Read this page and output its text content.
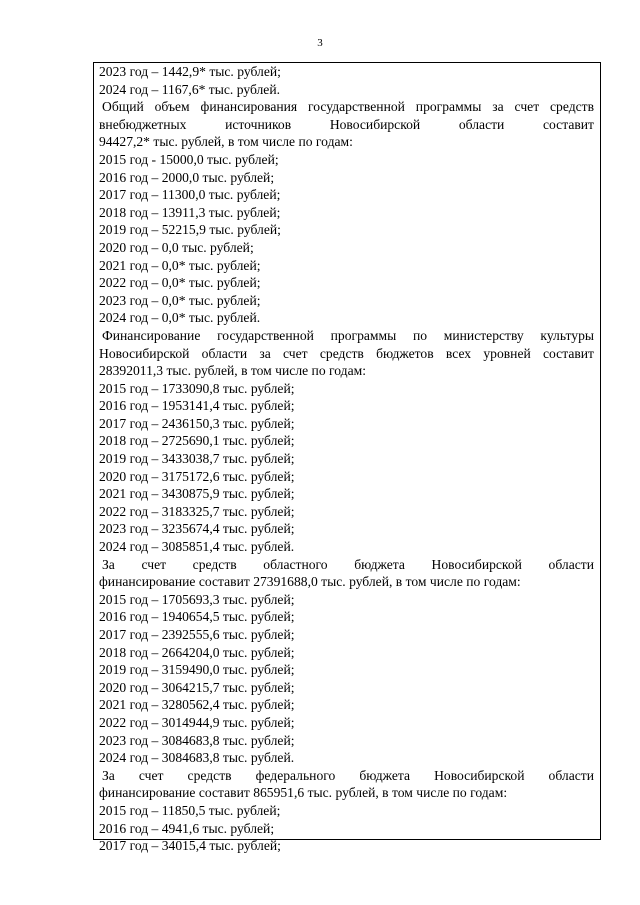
3
2023 год – 1442,9* тыс. рублей;
2024 год – 1167,6* тыс. рублей.
Общий объем финансирования государственной программы за счет средств
внебюджетных источников Новосибирской области составит
94427,2* тыс. рублей, в том числе по годам:
2015 год - 15000,0 тыс. рублей;
2016 год – 2000,0 тыс. рублей;
2017 год – 11300,0 тыс. рублей;
2018 год – 13911,3 тыс. рублей;
2019 год – 52215,9 тыс. рублей;
2020 год – 0,0 тыс. рублей;
2021 год – 0,0* тыс. рублей;
2022 год – 0,0* тыс. рублей;
2023 год – 0,0* тыс. рублей;
2024 год – 0,0* тыс. рублей.
Финансирование государственной программы по министерству культуры
Новосибирской области за счет средств бюджетов всех уровней составит
28392011,3 тыс. рублей, в том числе по годам:
2015 год – 1733090,8 тыс. рублей;
2016 год – 1953141,4 тыс. рублей;
2017 год – 2436150,3 тыс. рублей;
2018 год – 2725690,1 тыс. рублей;
2019 год – 3433038,7 тыс. рублей;
2020 год – 3175172,6 тыс. рублей;
2021 год – 3430875,9 тыс. рублей;
2022 год – 3183325,7 тыс. рублей;
2023 год – 3235674,4 тыс. рублей;
2024 год – 3085851,4 тыс. рублей.
За счет средств областного бюджета Новосибирской области
финансирование составит 27391688,0 тыс. рублей, в том числе по годам:
2015 год – 1705693,3 тыс. рублей;
2016 год – 1940654,5 тыс. рублей;
2017 год – 2392555,6 тыс. рублей;
2018 год – 2664204,0 тыс. рублей;
2019 год – 3159490,0 тыс. рублей;
2020 год – 3064215,7 тыс. рублей;
2021 год – 3280562,4 тыс. рублей;
2022 год – 3014944,9 тыс. рублей;
2023 год – 3084683,8 тыс. рублей;
2024 год – 3084683,8 тыс. рублей.
За счет средств федерального бюджета Новосибирской области
финансирование составит 865951,6 тыс. рублей, в том числе по годам:
2015 год – 11850,5 тыс. рублей;
2016 год – 4941,6 тыс. рублей;
2017 год – 34015,4 тыс. рублей;
